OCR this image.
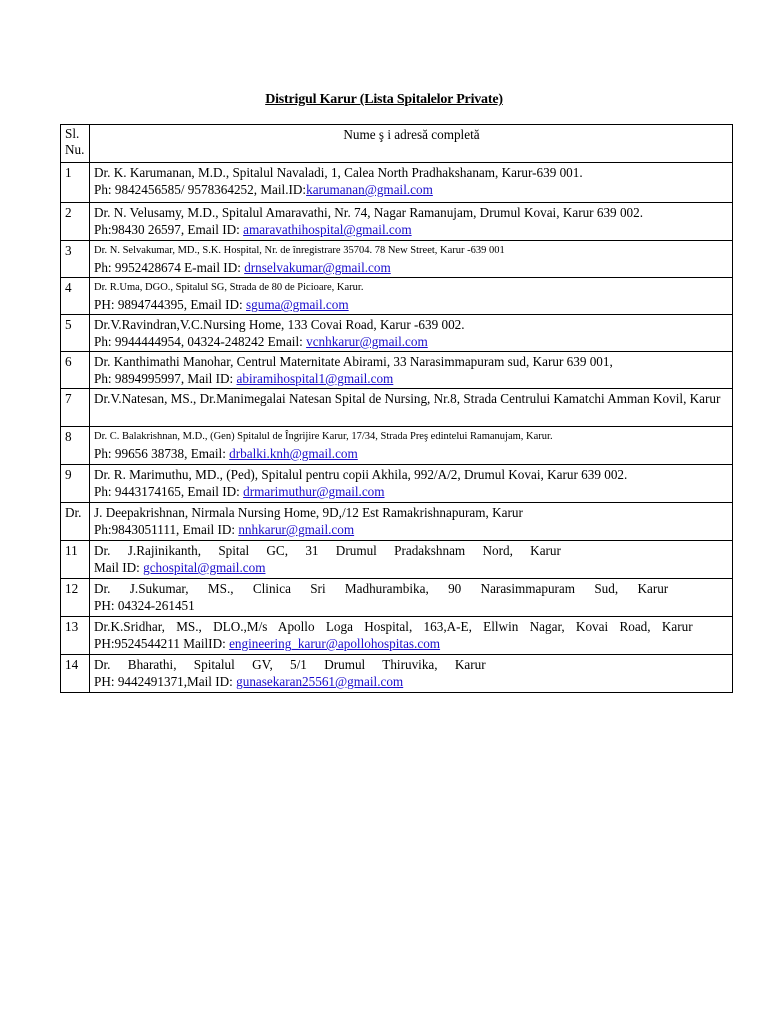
Distrigul Karur (Lista Spitalelor Private)
Sl. Nu.	Nume ş i adresă completă
1	Dr. K. Karumanan, M.D., Spitalul Navaladi, 1, Calea North Pradhakshanam, Karur-639 001.
Ph: 9842456585/ 9578364252, Mail.ID:karumanan@gmail.com

2	Dr. N. Velusamy, M.D., Spitalul Amaravathi, Nr. 74, Nagar Ramanujam, Drumul Kovai, Karur 639 002.
Ph:98430 26597, Email ID: amaravathihospital@gmail.com

3	Dr. N. Selvakumar, MD., S.K. Hospital, Nr. de înregistrare 35704. 78 New Street, Karur -639 001
Ph: 9952428674 E-mail ID: drnselvakumar@gmail.com

4	Dr. R.Uma, DGO., Spitalul SG, Strada de 80 de Picioare, Karur.
PH: 9894744395, Email ID: sguma@gmail.com

5	Dr.V.Ravindran,V.C.Nursing Home, 133 Covai Road, Karur -639 002.
Ph: 9944444954, 04324-248242 Email: vcnhkarur@gmail.com

6	Dr. Kanthimathi Manohar, Centrul Maternitate Abirami, 33 Narasimmapuram sud, Karur 639 001,
Ph: 9894995997, Mail ID: abiramihospital1@gmail.com

7	Dr.V.Natesan, MS., Dr.Manimegalai Natesan Spital de Nursing, Nr.8, Strada Centrului Kamatchi Amman Kovil, Karur

8	Dr. C. Balakrishnan, M.D., (Gen) Spitalul de Îngrijire Karur, 17/34, Strada Preş edintelui Ramanujam, Karur.
Ph: 99656 38738, Email: drbalki.knh@gmail.com

9	Dr. R. Marimuthu, MD., (Ped), Spitalul pentru copii Akhila, 992/A/2, Drumul Kovai, Karur 639 002.
Ph: 9443174165, Email ID: drmarimuthur@gmail.com

Dr.	J. Deepakrishnan, Nirmala Nursing Home, 9D,/12 Est Ramakrishnapuram, Karur
Ph:9843051111, Email ID: nnhkarur@gmail.com

11	Dr. J.Rajinikanth, Spital GC, 31 Drumul Pradakshnam Nord, Karur
Mail ID: gchospital@gmail.com

12	Dr. J.Sukumar, MS., Clinica Sri Madhurambika, 90 Narasimmapuram Sud, Karur
PH: 04324-261451

13	Dr.K.Sridhar, MS., DLO.,M/s Apollo Loga Hospital, 163,A-E, Ellwin Nagar, Kovai Road, Karur
PH:9524544211 MailID: engineering_karur@apollohospitas.com

14	Dr. Bharathi, Spitalul GV, 5/1 Drumul Thiruvika, Karur
PH: 9442491371,Mail ID: gunasekaran25561@gmail.com
